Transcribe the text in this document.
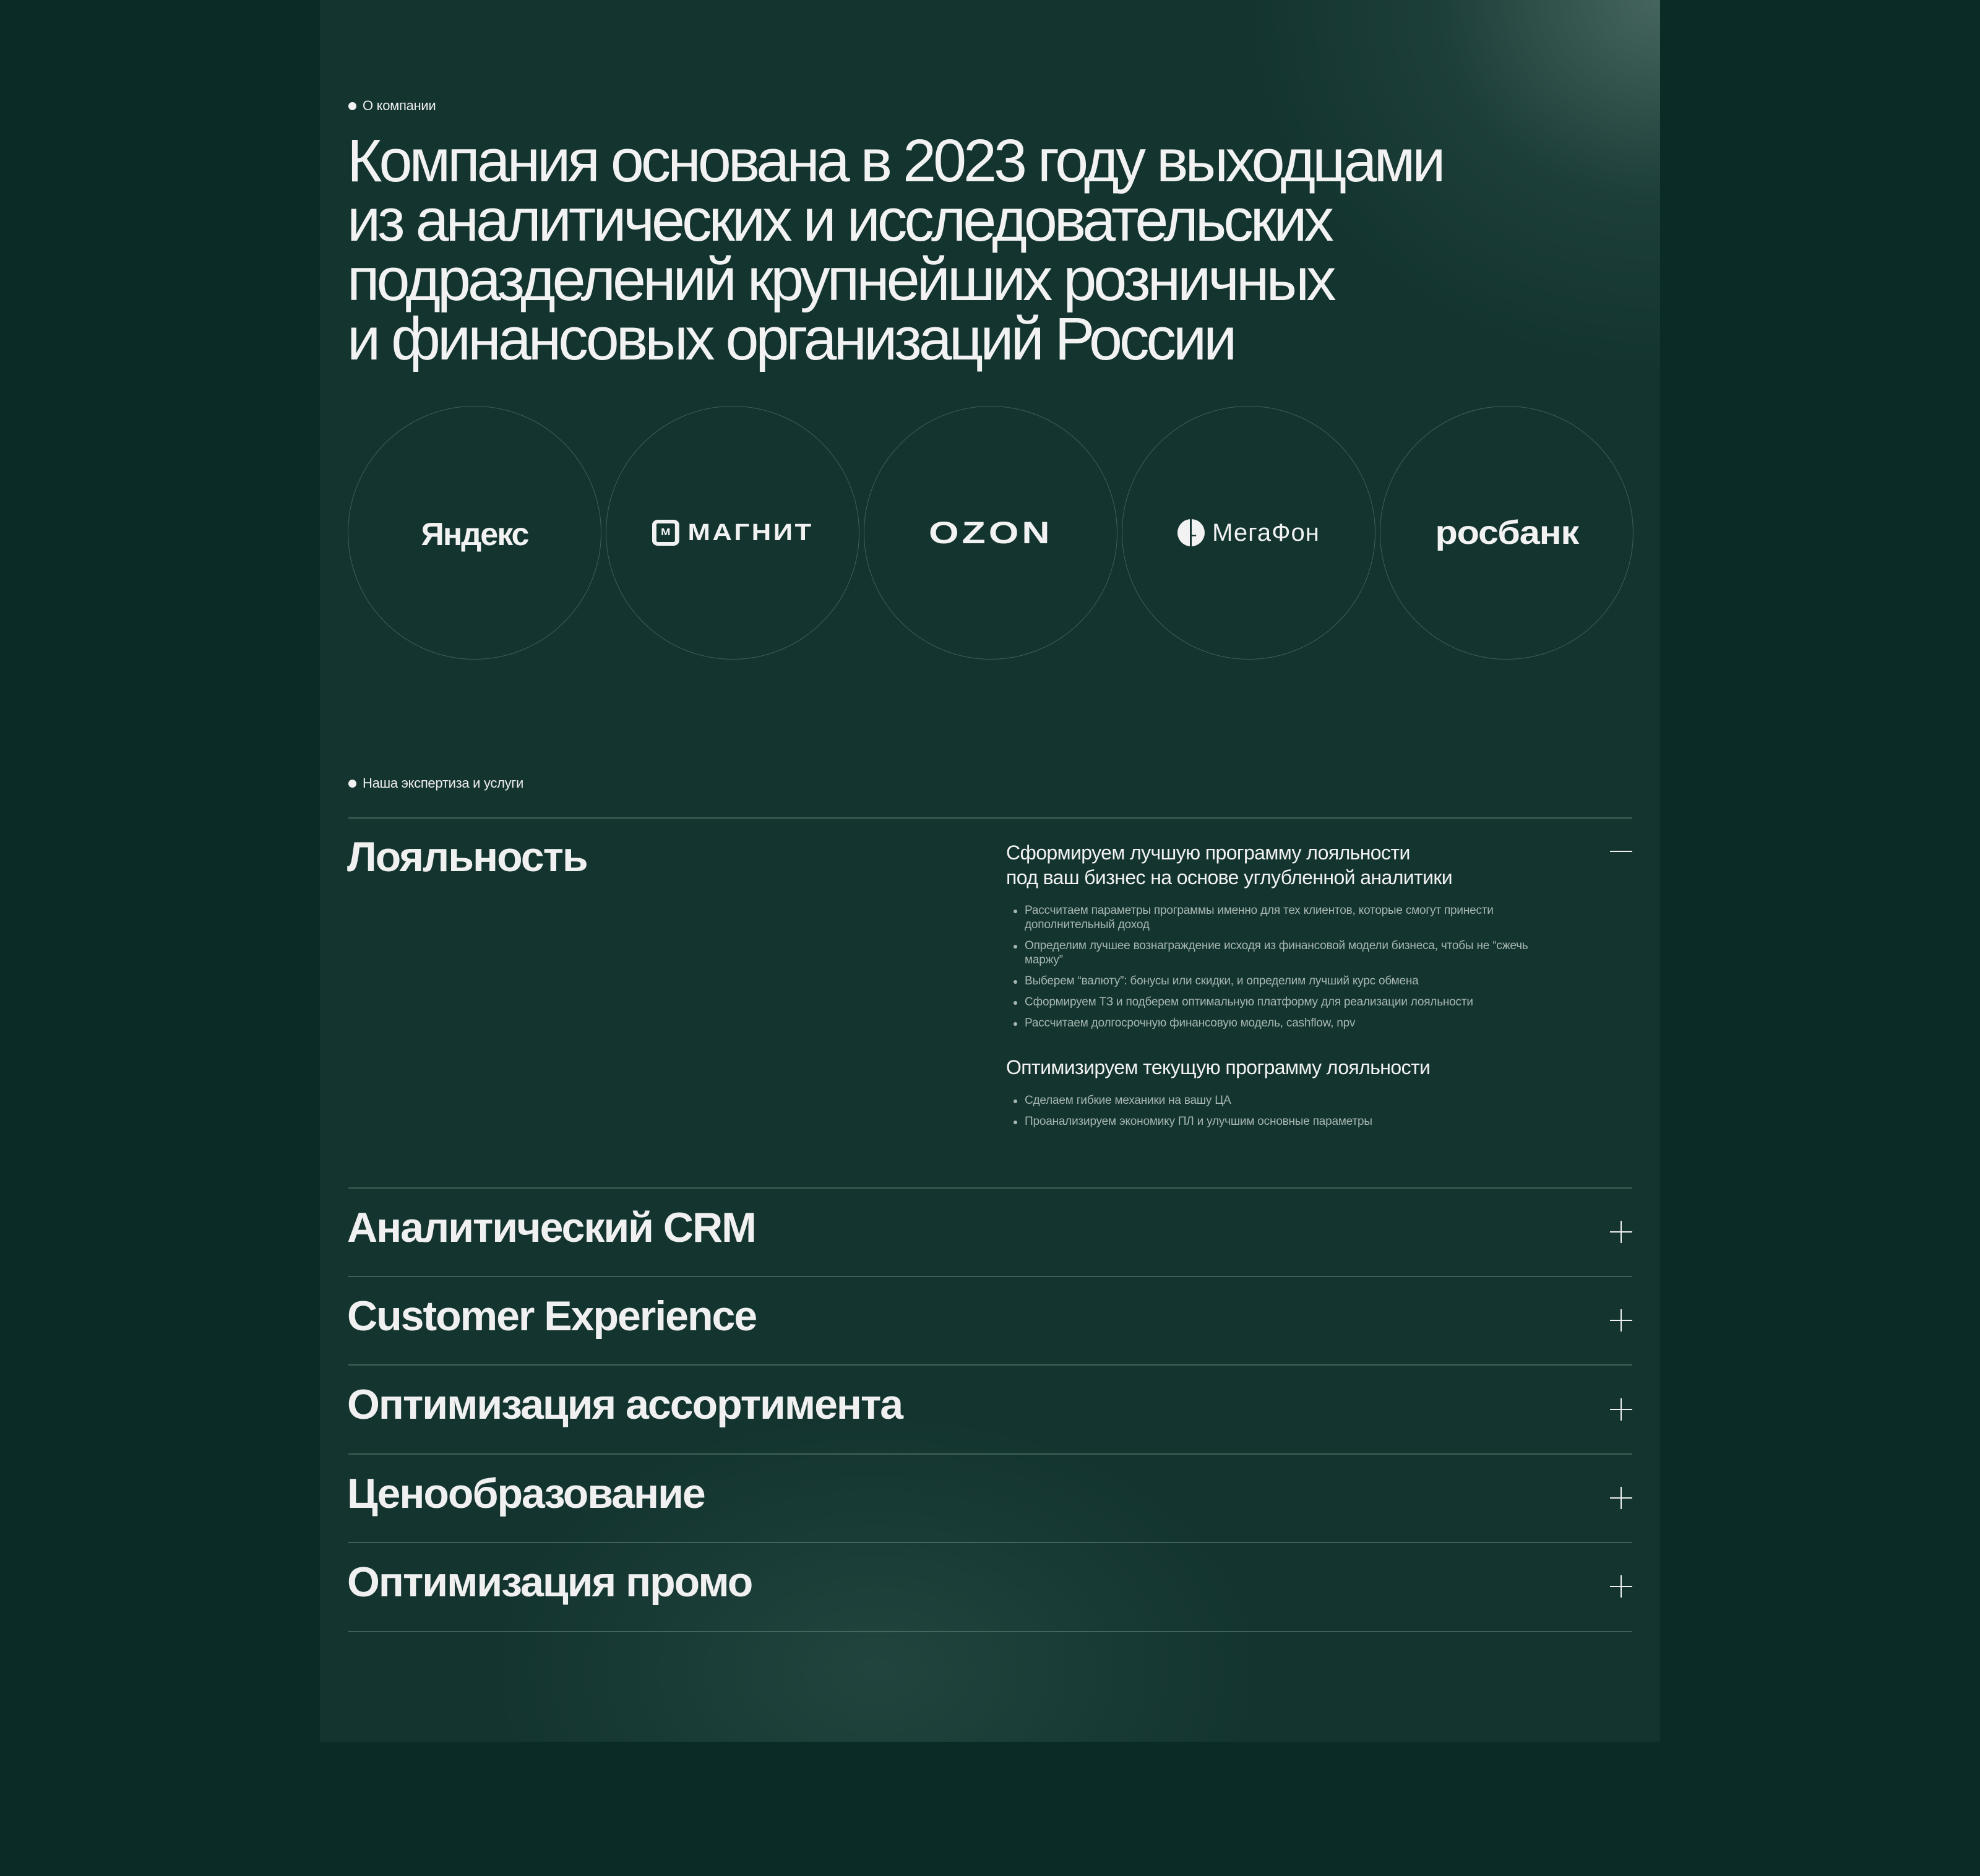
О компании
Компания основана в 2023 году выходцами
из аналитических и исследовательских
подразделений крупнейших розничных
и финансовых организаций России
Яндекс	М МАГНИТ	OZON •••	МегаФон	росбанк
Наша экспертиза и услуги
Лояльность	Сформируем лучшую программу лояльности
под ваш бизнес на основе углубленной аналитики
Рассчитаем параметры программы именно для тех клиентов, которые смогут принести дополнительный доход
Определим лучшее вознаграждение исходя из финансовой модели бизнеса, чтобы не “сжечь маржу”
Выберем “валюту”: бонусы или скидки, и определим лучший курс обмена
Сформируем ТЗ и подберем оптимальную платформу для реализации лояльности
Рассчитаем долгосрочную финансовую модель, cashflow, npv
Оптимизируем текущую программу лояльности
Сделаем гибкие механики на вашу ЦА
Проанализируем экономику ПЛ и улучшим основные параметры
Аналитический CRM
Customer Experience
Оптимизация ассортимента
Ценообразование
Оптимизация промо
